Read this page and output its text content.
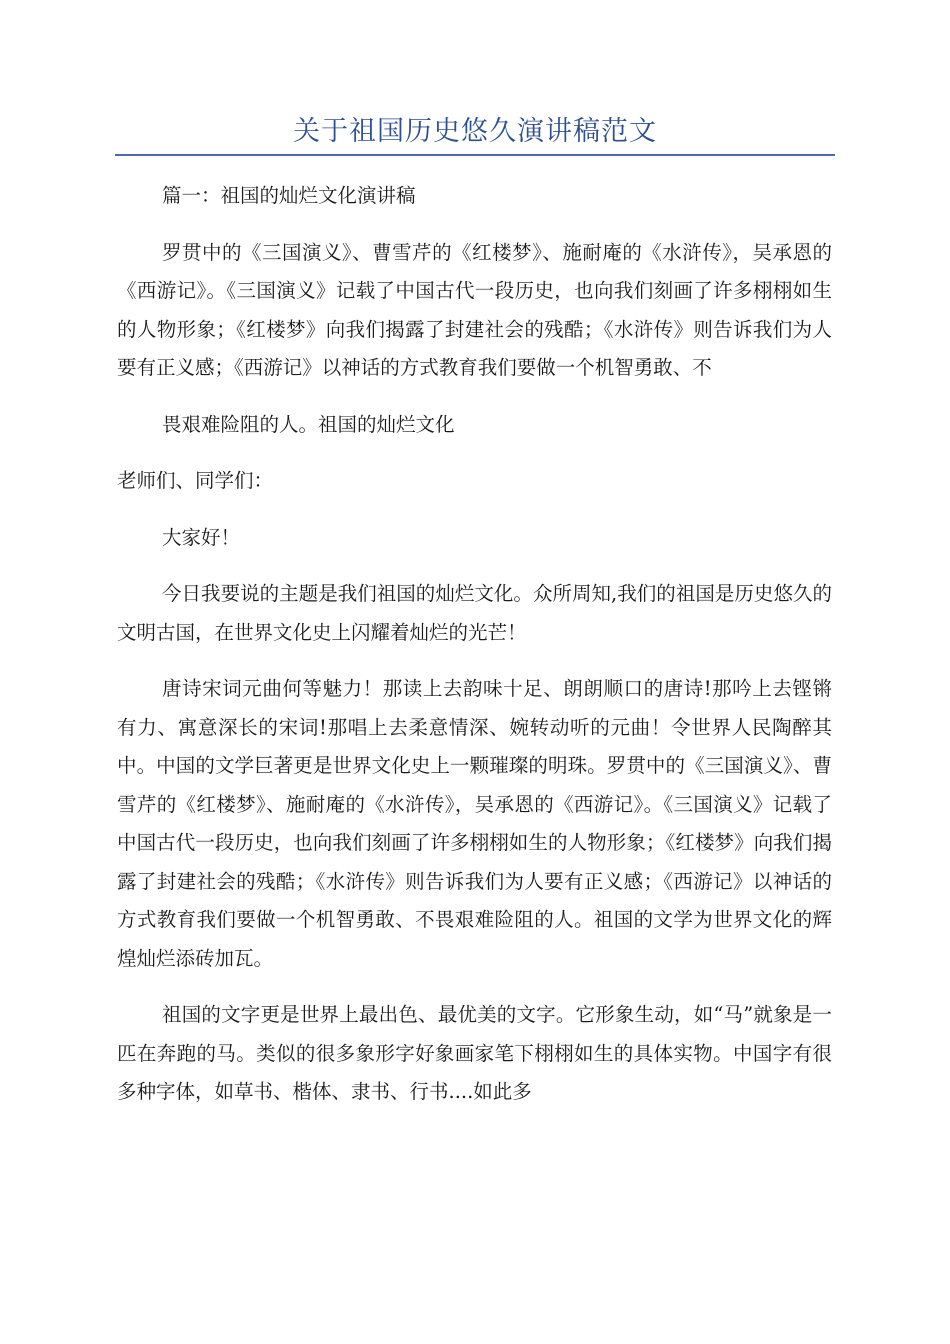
关于祖国历史悠久演讲稿范文

篇一：祖国的灿烂文化演讲稿

罗贯中的《三国演义》、曹雪芹的《红楼梦》、施耐庵的《水浒传》，吴承恩的《西游记》。《三国演义》记载了中国古代一段历史，也向我们刻画了许多栩栩如生的人物形象；《红楼梦》向我们揭露了封建社会的残酷；《水浒传》则告诉我们为人要有正义感；《西游记》以神话的方式教育我们要做一个机智勇敢、不

畏艰难险阻的人。祖国的灿烂文化

老师们、同学们：

大家好！

今日我要说的主题是我们祖国的灿烂文化。众所周知,我们的祖国是历史悠久的文明古国，在世界文化史上闪耀着灿烂的光芒！

唐诗宋词元曲何等魅力！那读上去韵味十足、朗朗顺口的唐诗!那吟上去铿锵有力、寓意深长的宋词!那唱上去柔意情深、婉转动听的元曲！令世界人民陶醉其中。中国的文学巨著更是世界文化史上一颗璀璨的明珠。罗贯中的《三国演义》、曹雪芹的《红楼梦》、施耐庵的《水浒传》，吴承恩的《西游记》。《三国演义》记载了中国古代一段历史，也向我们刻画了许多栩栩如生的人物形象；《红楼梦》向我们揭露了封建社会的残酷；《水浒传》则告诉我们为人要有正义感；《西游记》以神话的方式教育我们要做一个机智勇敢、不畏艰难险阻的人。祖国的文学为世界文化的辉煌灿烂添砖加瓦。

祖国的文字更是世界上最出色、最优美的文字。它形象生动，如“马”就象是一匹在奔跑的马。类似的很多象形字好象画家笔下栩栩如生的具体实物。中国字有很多种字体，如草书、楷体、隶书、行书....如此多
